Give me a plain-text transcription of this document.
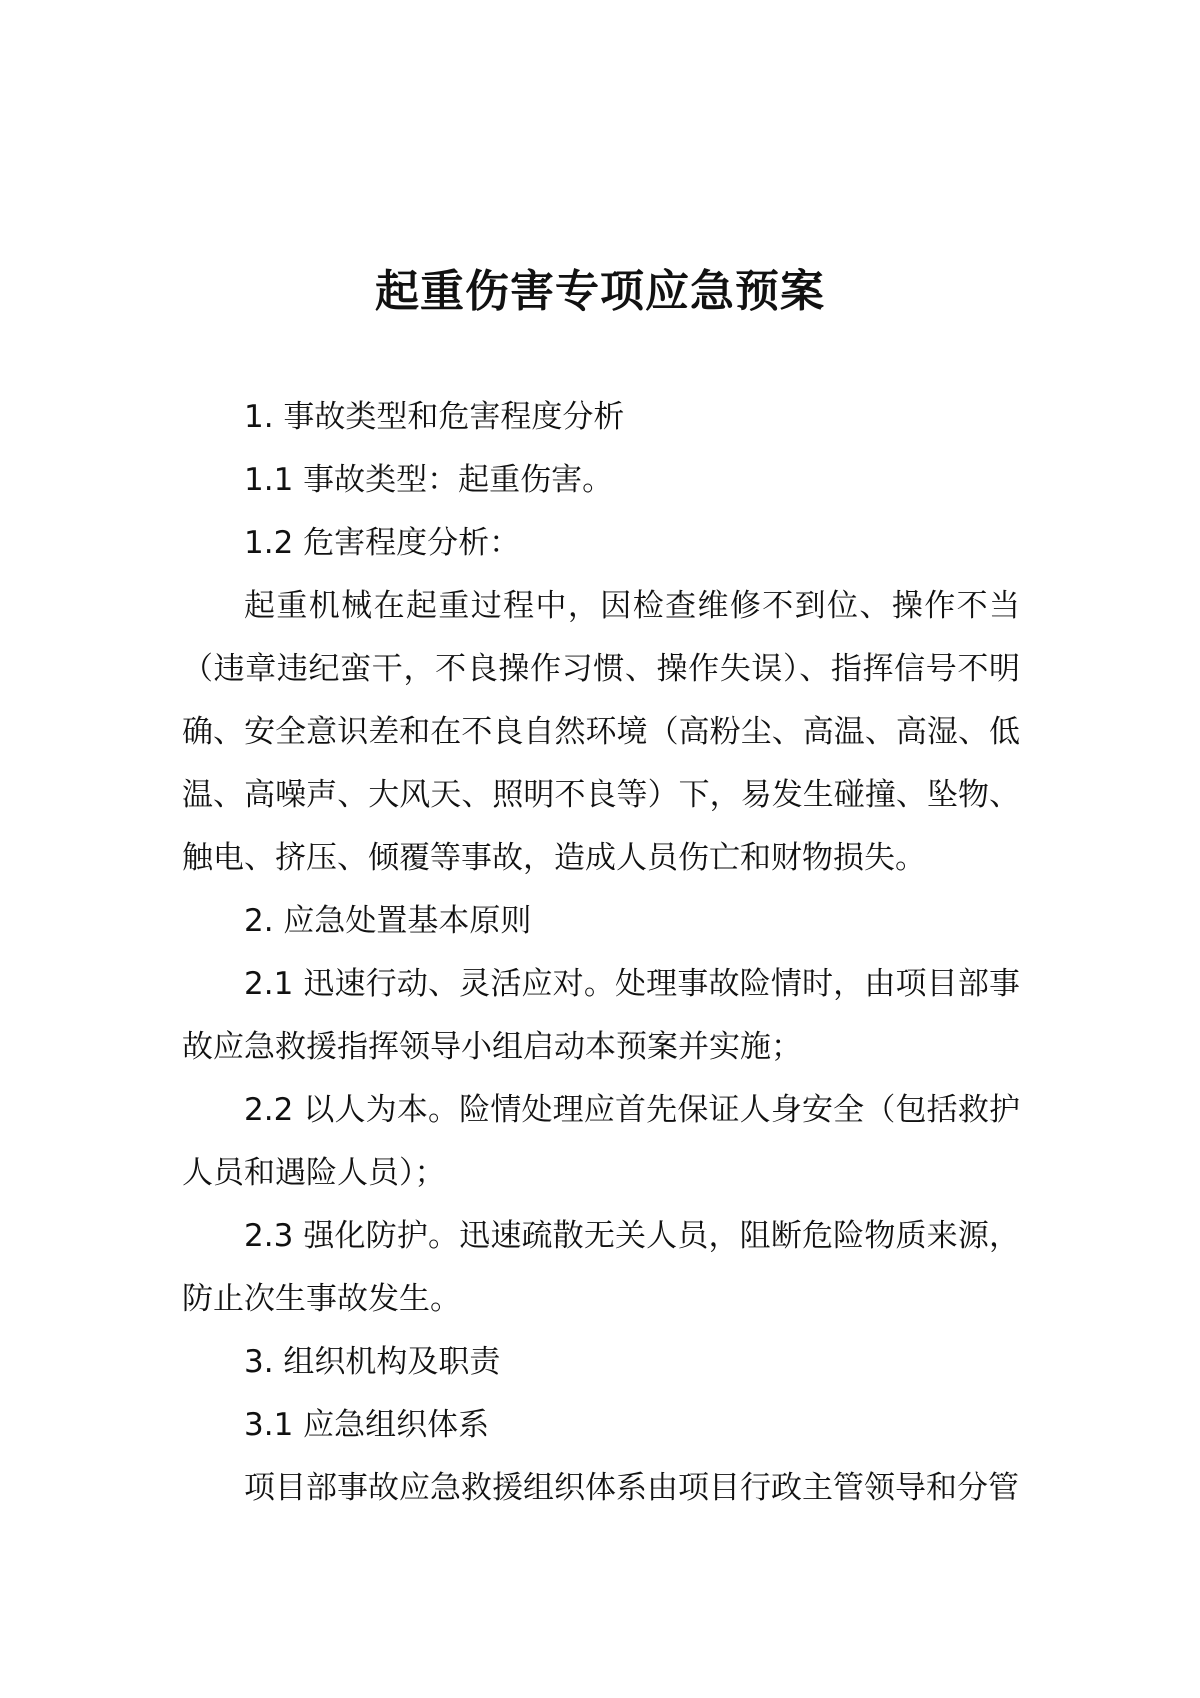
起重伤害专项应急预案

1. 事故类型和危害程度分析

1.1 事故类型：起重伤害。

1.2 危害程度分析：

起重机械在起重过程中，因检查维修不到位、操作不当（违章违纪蛮干，不良操作习惯、操作失误）、指挥信号不明确、安全意识差和在不良自然环境（高粉尘、高温、高湿、低温、高噪声、大风天、照明不良等）下，易发生碰撞、坠物、触电、挤压、倾覆等事故，造成人员伤亡和财物损失。

2. 应急处置基本原则

2.1 迅速行动、灵活应对。处理事故险情时，由项目部事故应急救援指挥领导小组启动本预案并实施；

2.2 以人为本。险情处理应首先保证人身安全（包括救护人员和遇险人员）；

2.3 强化防护。迅速疏散无关人员，阻断危险物质来源，防止次生事故发生。

3. 组织机构及职责

3.1 应急组织体系

项目部事故应急救援组织体系由项目行政主管领导和分管
